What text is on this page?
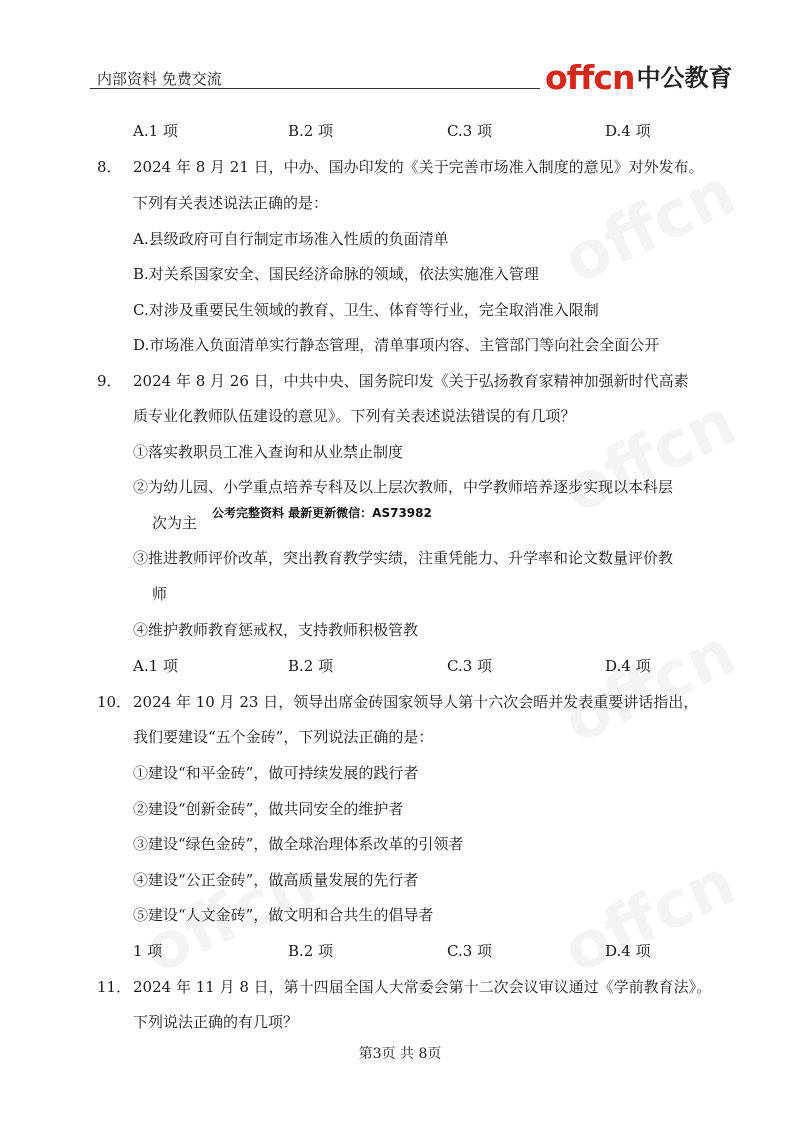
内部资料 免费交流	offcn 中公教育
A.1 项	B.2 项	C.3 项	D.4 项
8． 2024 年 8 月 21 日，中办、国办印发的《关于完善市场准入制度的意见》对外发布。
下列有关表述说法正确的是：
A.县级政府可自行制定市场准入性质的负面清单
B.对关系国家安全、国民经济命脉的领域，依法实施准入管理
C.对涉及重要民生领域的教育、卫生、体育等行业，完全取消准入限制
D.市场准入负面清单实行静态管理，清单事项内容、主管部门等向社会全面公开
9． 2024 年 8 月 26 日，中共中央、国务院印发《关于弘扬教育家精神加强新时代高素
质专业化教师队伍建设的意见》。下列有关表述说法错误的有几项？
①落实教职员工准入查询和从业禁止制度
②为幼儿园、小学重点培养专科及以上层次教师，中学教师培养逐步实现以本科层
次为主
公考完整资料 最新更新微信：AS73982
③推进教师评价改革，突出教育教学实绩，注重凭能力、升学率和论文数量评价教
师
④维护教师教育惩戒权，支持教师积极管教
A.1 项	B.2 项	C.3 项	D.4 项
10． 2024 年 10 月 23 日，领导出席金砖国家领导人第十六次会晤并发表重要讲话指出，
我们要建设“五个金砖”，下列说法正确的是：
①建设“和平金砖”，做可持续发展的践行者
②建设“创新金砖”，做共同安全的维护者
③建设“绿色金砖”，做全球治理体系改革的引领者
④建设“公正金砖”，做高质量发展的先行者
⑤建设“人文金砖”，做文明和合共生的倡导者
1 项	B.2 项	C.3 项	D.4 项
11． 2024 年 11 月 8 日，第十四届全国人大常委会第十二次会议审议通过《学前教育法》。
下列说法正确的有几项？
第3页 共 8页
